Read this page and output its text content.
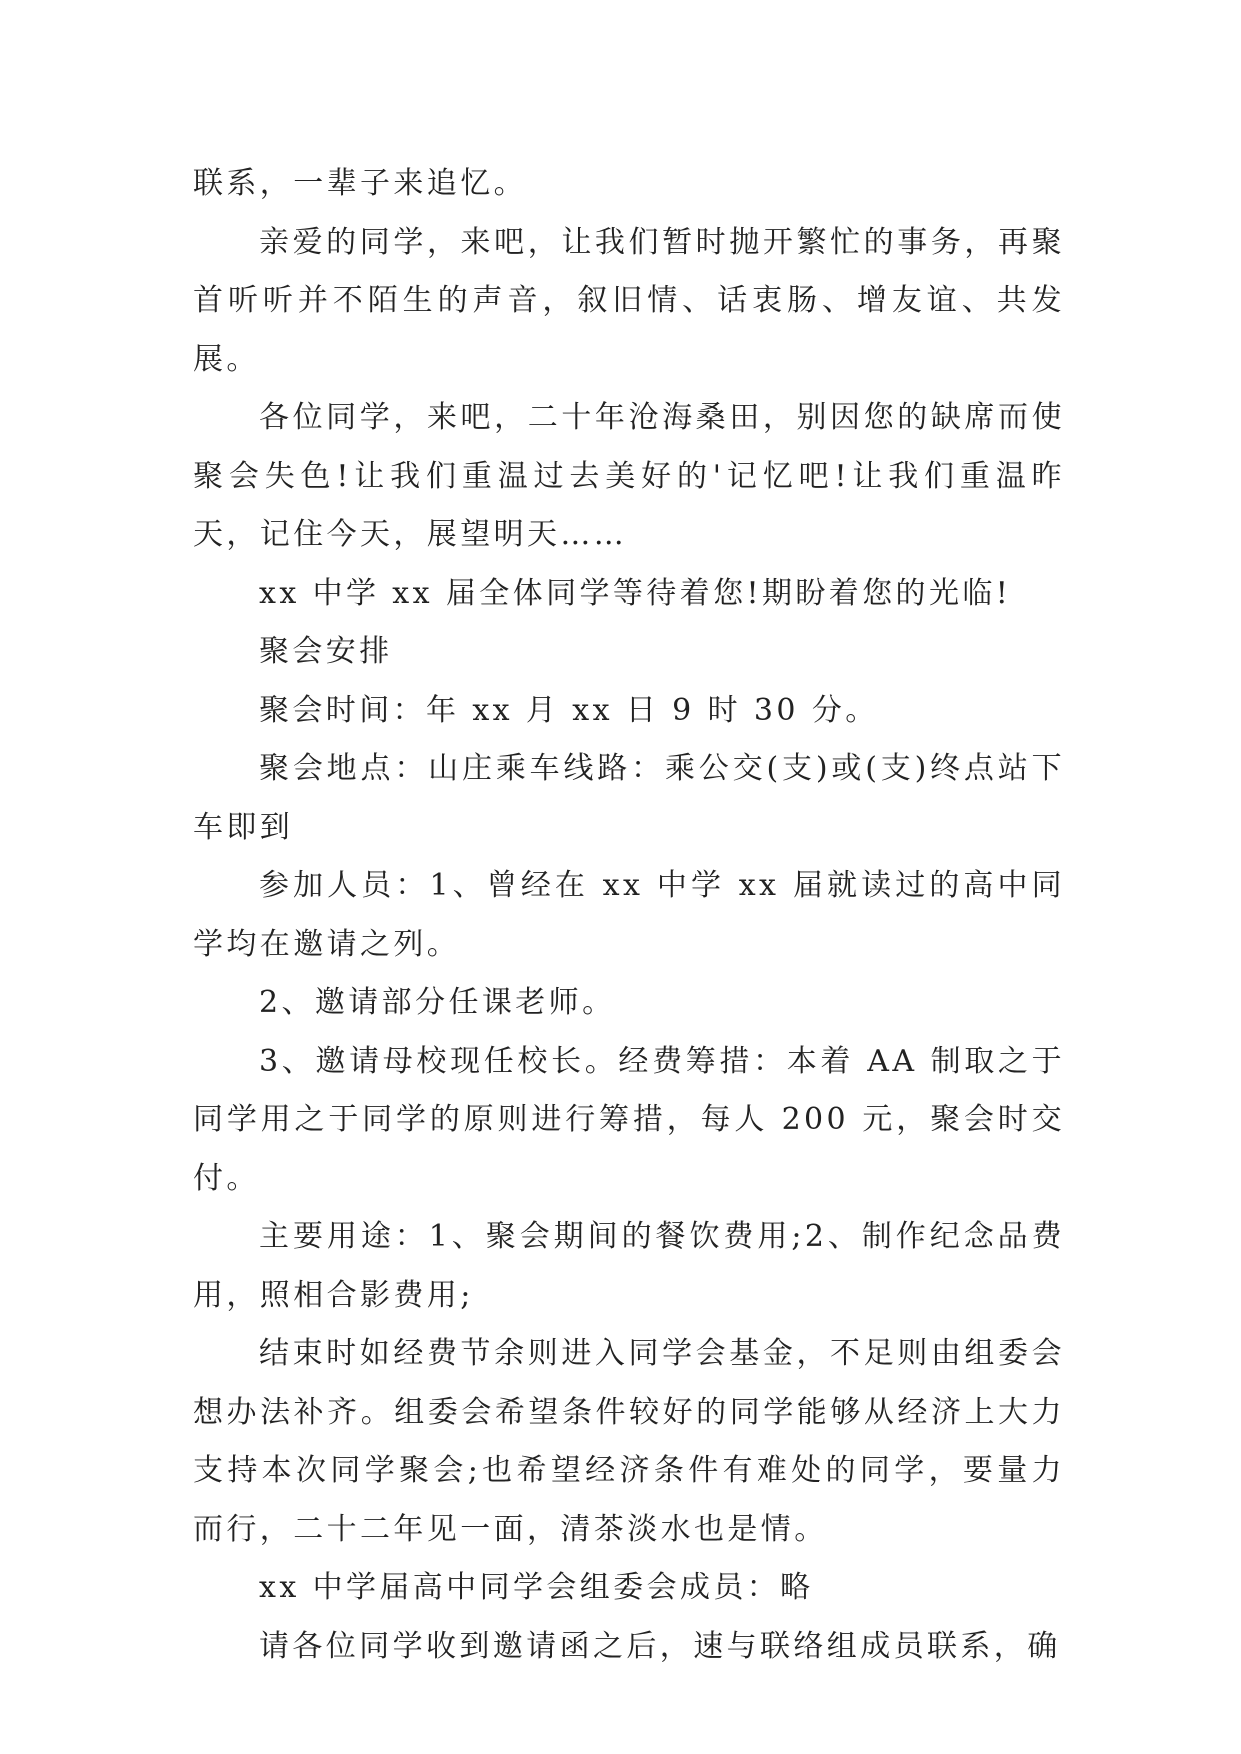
联系，一辈子来追忆。

亲爱的同学，来吧，让我们暂时抛开繁忙的事务，再聚首听听并不陌生的声音，叙旧情、话衷肠、增友谊、共发展。

各位同学，来吧，二十年沧海桑田，别因您的缺席而使聚会失色!让我们重温过去美好的'记忆吧!让我们重温昨天，记住今天，展望明天……

xx 中学 xx 届全体同学等待着您!期盼着您的光临!

聚会安排

聚会时间：年 xx 月 xx 日 9 时 30 分。

聚会地点：山庄乘车线路：乘公交(支)或(支)终点站下车即到

参加人员：1、曾经在 xx 中学 xx 届就读过的高中同学均在邀请之列。

2、邀请部分任课老师。

3、邀请母校现任校长。经费筹措：本着 AA 制取之于同学用之于同学的原则进行筹措，每人 200 元，聚会时交付。

主要用途：1、聚会期间的餐饮费用;2、制作纪念品费用，照相合影费用;

结束时如经费节余则进入同学会基金，不足则由组委会想办法补齐。组委会希望条件较好的同学能够从经济上大力支持本次同学聚会;也希望经济条件有难处的同学，要量力而行，二十二年见一面，清茶淡水也是情。

xx 中学届高中同学会组委会成员：略

请各位同学收到邀请函之后，速与联络组成员联系，确
